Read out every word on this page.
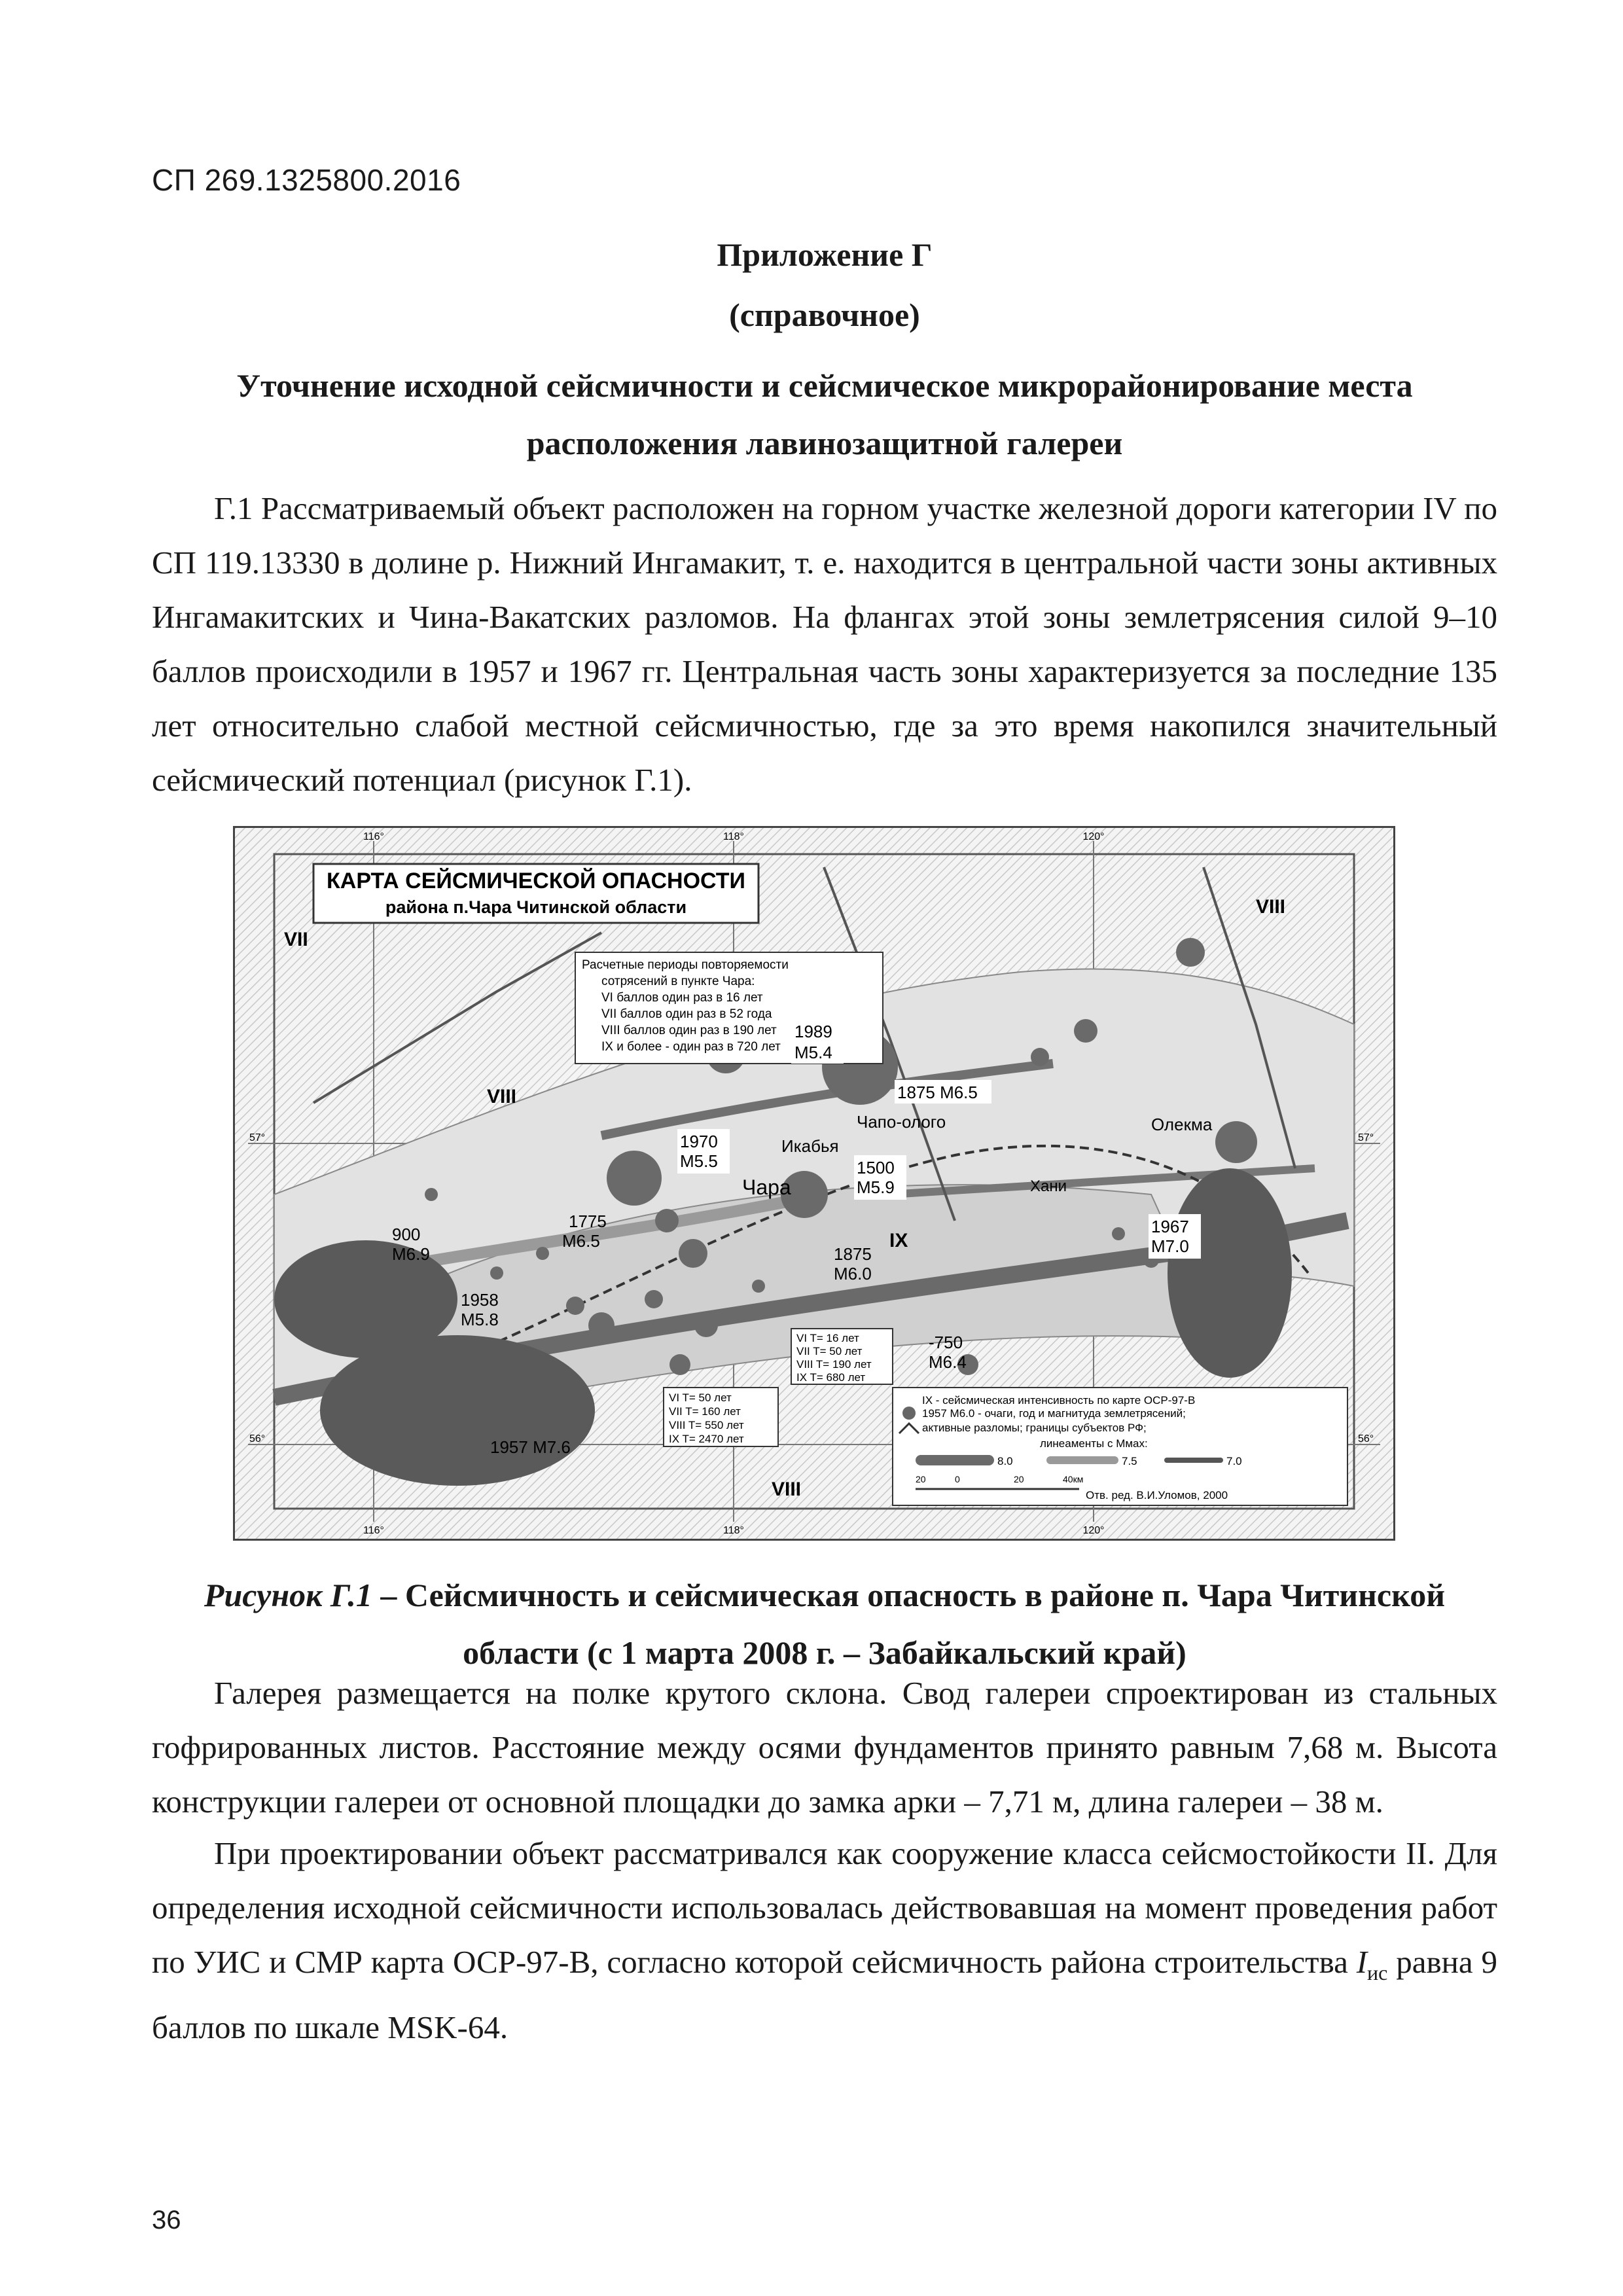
СП 269.1325800.2016
Приложение Г
(справочное)
Уточнение исходной сейсмичности и сейсмическое микрорайонирование места расположения лавинозащитной галереи

Г.1 Рассматриваемый объект расположен на горном участке железной дороги категории IV по СП 119.13330 в долине р. Нижний Ингамакит, т. е. находится в центральной части зоны активных Ингамакитских и Чина-Вакатских разломов. На флангах этой зоны землетрясения силой 9–10 баллов происходили в 1957 и 1967 гг. Центральная часть зоны характеризуется за последние 135 лет относительно слабой местной сейсмичностью, где за это время накопился значительный сейсмический потенциал (рисунок Г.1).

116°	118°	120°
116°	118°	120°
57°
56°
57°
56°
КАРТА СЕЙСМИЧЕСКОЙ ОПАСНОСТИ
района п.Чара Читинской области
VII
VIII
VIII
VIII
IX
Расчетные периоды повторяемости
сотрясений в пункте Чара:
VI баллов один раз в 16 лет
VII баллов один раз в 52 года
VIII баллов один раз в 190 лет
IX и более - один раз в 720 лет
Чара
Икабья
Чапо-олого	Олекма
Хани
1989
M5.4
1875 M6.5
1970
M5.5	1500
M5.9
1775
M6.5
900
M6.9
1958
M5.8
1875
M6.0
1967
M7.0
-750
M6.4
1957 M7.6
VI T= 16 лет
VII T= 50 лет
VIII T= 190 лет
IX T= 680 лет
VI T= 50 лет
VII T= 160 лет
VIII T= 550 лет
IX T= 2470 лет
IX - сейсмическая интенсивность по карте ОСР-97-В
1957 M6.0 - очаги, год и магнитуда землетрясений;
активные разломы; границы субъектов РФ;
линеаменты с Ммах:
8.0	7.5	7.0
20	0	20	40км
Отв. ред. В.И.Уломов, 2000
Рисунок Г.1 – Сейсмичность и сейсмическая опасность в районе п. Чара Читинской области (с 1 марта 2008 г. – Забайкальский край)

Галерея размещается на полке крутого склона. Свод галереи спроектирован из стальных гофрированных листов. Расстояние между осями фундаментов принято равным 7,68 м. Высота конструкции галереи от основной площадки до замка арки – 7,71 м, длина галереи – 38 м.

При проектировании объект рассматривался как сооружение класса сейсмостойкости II. Для определения исходной сейсмичности использовалась действовавшая на момент проведения работ по УИС и СМР карта ОСР-97-В, согласно которой сейсмичность района строительства $I_{ис}$ равна 9 баллов по шкале MSK-64.

36
